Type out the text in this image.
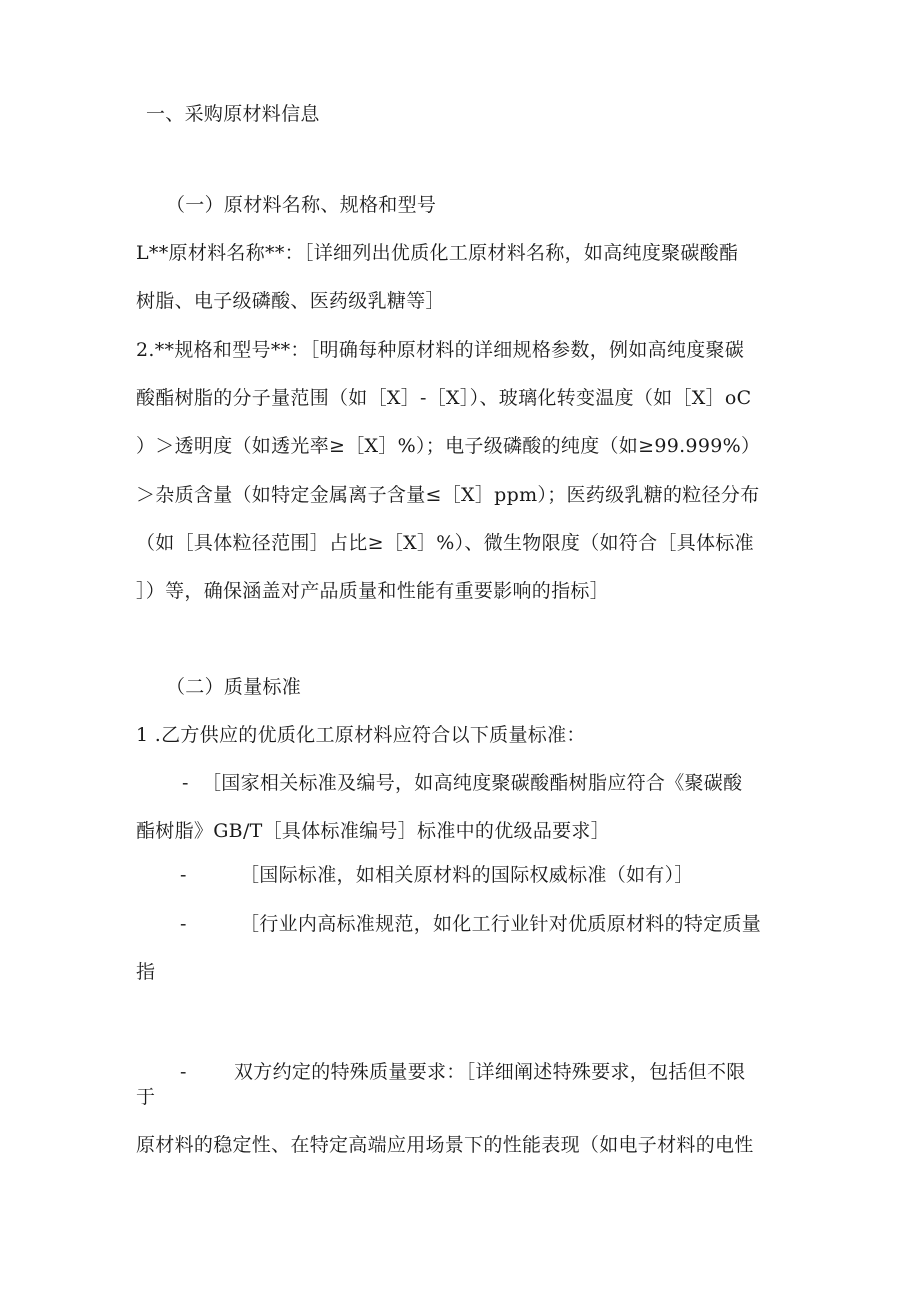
一、采购原材料信息
（一）原材料名称、规格和型号
L**原材料名称**：［详细列出优质化工原材料名称，如高纯度聚碳酸酯
树脂、电子级磷酸、医药级乳糖等］
2.**规格和型号**：［明确每种原材料的详细规格参数，例如高纯度聚碳
酸酯树脂的分子量范围（如［X］-［X］）、玻璃化转变温度（如［X］oC
）＞透明度（如透光率≥［X］%）；电子级磷酸的纯度（如≥99.999%）
＞杂质含量（如特定金属离子含量≤［X］ppm）；医药级乳糖的粒径分布
（如［具体粒径范围］占比≥［X］%）、微生物限度（如符合［具体标准
］）等，确保涵盖对产品质量和性能有重要影响的指标］
（二）质量标准
1 .乙方供应的优质化工原材料应符合以下质量标准：
- ［国家相关标准及编号，如高纯度聚碳酸酯树脂应符合《聚碳酸
酯树脂》GB/T［具体标准编号］标准中的优级品要求］
-	［国际标准，如相关原材料的国际权威标准（如有）］
-	［行业内高标准规范，如化工行业针对优质原材料的特定质量
指
- 双方约定的特殊质量要求：［详细阐述特殊要求，包括但不限
于
原材料的稳定性、在特定高端应用场景下的性能表现（如电子材料的电性
